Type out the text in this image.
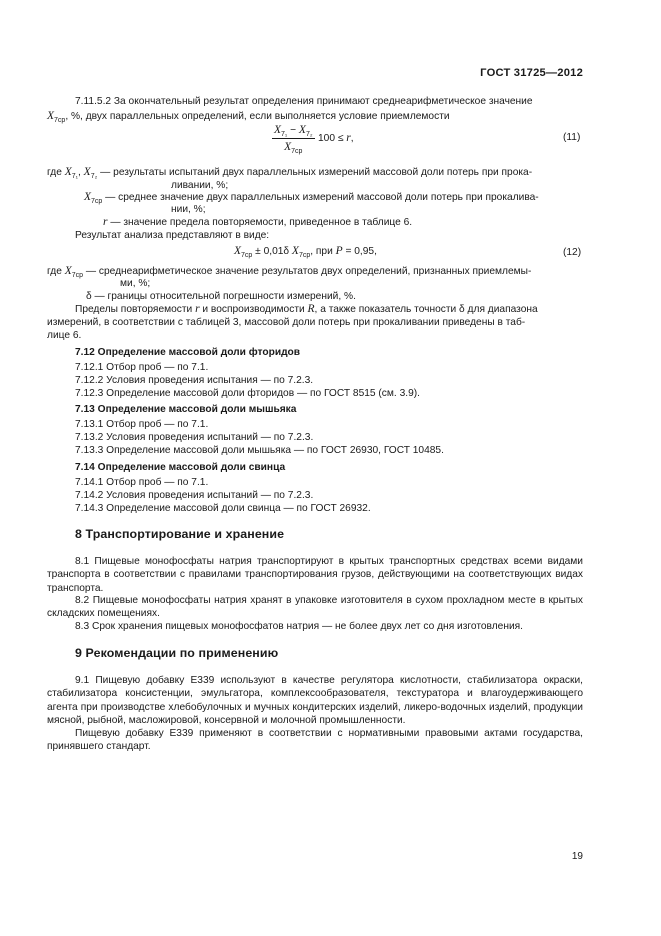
ГОСТ 31725—2012
7.11.5.2 За окончательный результат определения принимают среднеарифметическое значение
$X_{7ср}$, %, двух параллельных определений, если выполняется условие приемлемости
$X_{7_1} - X_{7_2}$
$X_{7ср}$
100 ≤ r,	(11)
где $X_{7_1}$, $X_{7_2}$ — результаты испытаний двух параллельных измерений массовой доли потерь при прока-
ливании, %;
$X_{7ср}$ — среднее значение двух параллельных измерений массовой доли потерь при прокалива-
нии, %;
r — значение предела повторяемости, приведенное в таблице 6.
Результат анализа представляют в виде:
$X_{7ср} \pm 0,01\delta$ $X_{7ср}$, при P = 0,95,	(12)
где $X_{7ср}$ — среднеарифметическое значение результатов двух определений, признанных приемлемы-
ми, %;
δ — границы относительной погрешности измерений, %.
Пределы повторяемости r и воспроизводимости R, а также показатель точности δ для диапазона
измерений, в соответствии с таблицей 3, массовой доли потерь при прокаливании приведены в таб-
лице 6.
7.12 Определение массовой доли фторидов
7.12.1 Отбор проб — по 7.1.
7.12.2 Условия проведения испытания — по 7.2.3.
7.12.3 Определение массовой доли фторидов — по ГОСТ 8515 (см. 3.9).
7.13 Определение массовой доли мышьяка
7.13.1 Отбор проб — по 7.1.
7.13.2 Условия проведения испытаний — по 7.2.3.
7.13.3 Определение массовой доли мышьяка — по ГОСТ 26930, ГОСТ 10485.
7.14 Определение массовой доли свинца
7.14.1 Отбор проб — по 7.1.
7.14.2 Условия проведения испытаний — по 7.2.3.
7.14.3 Определение массовой доли свинца — по ГОСТ 26932.
8 Транспортирование и хранение
8.1 Пищевые монофосфаты натрия транспортируют в крытых транспортных средствах всеми видами транспорта в соответствии с правилами транспортирования грузов, действующими на соответствующих видах транспорта.
8.2 Пищевые монофосфаты натрия хранят в упаковке изготовителя в сухом прохладном месте в крытых складских помещениях.
8.3 Срок хранения пищевых монофосфатов натрия — не более двух лет со дня изготовления.
9 Рекомендации по применению
9.1 Пищевую добавку Е339 используют в качестве регулятора кислотности, стабилизатора окраски, стабилизатора консистенции, эмульгатора, комплексообразователя, текстуратора и влагоудерживающего агента при производстве хлебобулочных и мучных кондитерских изделий, ликеро-водочных изделий, продукции мясной, рыбной, масложировой, консервной и молочной промышленности.
Пищевую добавку Е339 применяют в соответствии с нормативными правовыми актами государства, принявшего стандарт.
19
